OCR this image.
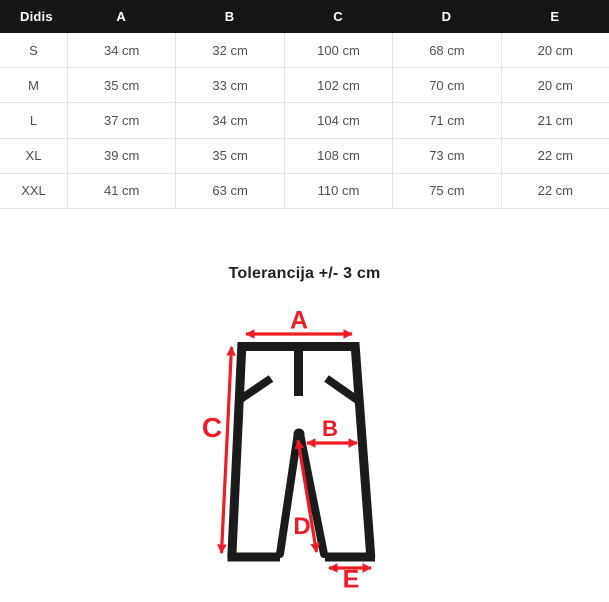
Didis	A	B	C	D	E
S	34 cm	32 cm	100 cm	68 cm	20 cm
M	35 cm	33 cm	102 cm	70 cm	20 cm
L	37 cm	34 cm	104 cm	71 cm	21 cm
XL	39 cm	35 cm	108 cm	73 cm	22 cm
XXL	41 cm	63 cm	110 cm	75 cm	22 cm
Tolerancija +/- 3 cm
A
B
C
D
E
